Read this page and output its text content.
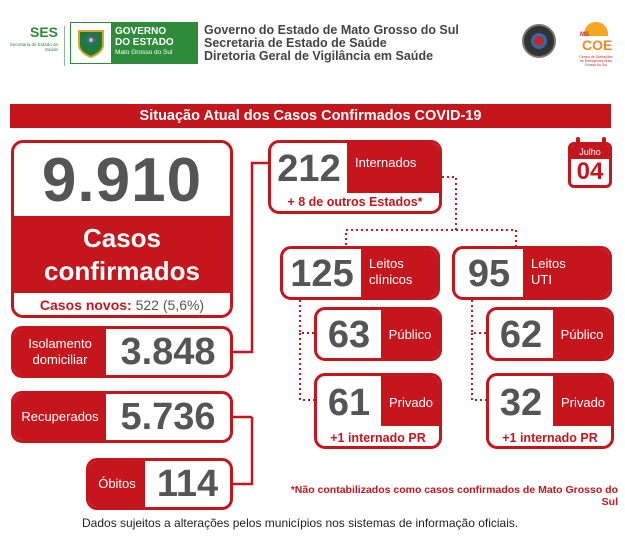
SES
Secretaria de Estado de Saúde
GOVERNO
DO ESTADO
Mato Grosso do Sul
Governo do Estado de Mato Grosso do Sul
Secretaria de Estado de Saúde
Diretoria Geral de Vigilância em Saúde
MS
COE
Centro de Operações de Emergência Mato Grosso do Sul
Situação Atual dos Casos Confirmados COVID-19
Julho
04
9.910
Casos
confirmados
Casos novos: 522 (5,6%)
Isolamento
domiciliar 3.848
Recuperados 5.736
Óbitos 114
212	Internados
+ 8 de outros Estados*
125	Leitos
clínicos	95	Leitos
UTI
63	Público 62	Público
61	Privado
+1 internado PR
32	Privado
+1 internado PR
*Não contabilizados como casos confirmados de Mato Grosso do Sul
Dados sujeitos a alterações pelos municípios nos sistemas de informação oficiais.
